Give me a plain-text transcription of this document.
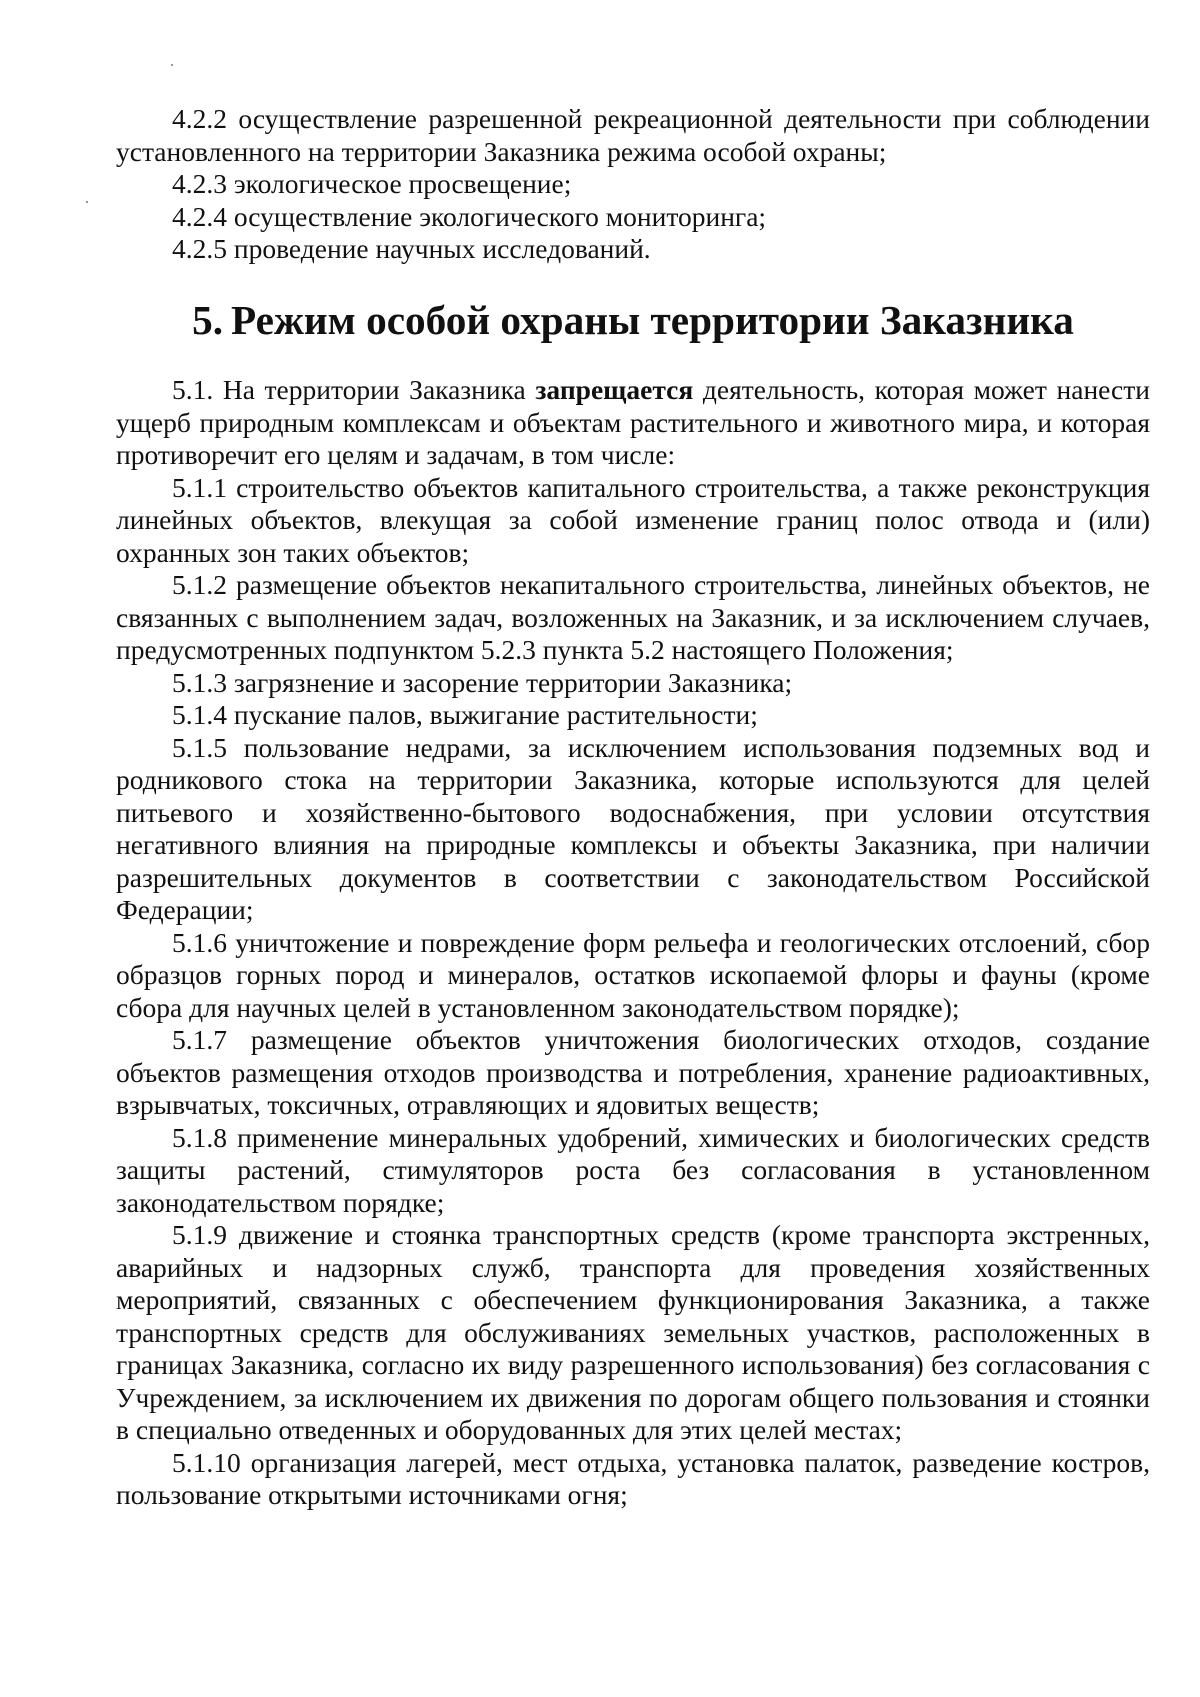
4.2.2 осуществление разрешенной рекреационной деятельности при соблюдении установленного на территории Заказника режима особой охраны;

4.2.3 экологическое просвещение;

4.2.4 осуществление экологического мониторинга;

4.2.5 проведение научных исследований.

5. Режим особой охраны территории Заказника

5.1. На территории Заказника запрещается деятельность, которая может нанести ущерб природным комплексам и объектам растительного и животного мира, и которая противоречит его целям и задачам, в том числе:

5.1.1 строительство объектов капитального строительства, а также реконструкция линейных объектов, влекущая за собой изменение границ полос отвода и (или) охранных зон таких объектов;

5.1.2 размещение объектов некапитального строительства, линейных объектов, не связанных с выполнением задач, возложенных на Заказник, и за исключением случаев, предусмотренных подпунктом 5.2.3 пункта 5.2 настоящего Положения;

5.1.3 загрязнение и засорение территории Заказника;

5.1.4 пускание палов, выжигание растительности;

5.1.5 пользование недрами, за исключением использования подземных вод и родникового стока на территории Заказника, которые используются для целей питьевого и хозяйственно-бытового водоснабжения, при условии отсутствия негативного влияния на природные комплексы и объекты Заказника, при наличии разрешительных документов в соответствии с законодательством Российской Федерации;

5.1.6 уничтожение и повреждение форм рельефа и геологических отслоений, сбор образцов горных пород и минералов, остатков ископаемой флоры и фауны (кроме сбора для научных целей в установленном законодательством порядке);

5.1.7 размещение объектов уничтожения биологических отходов, создание объектов размещения отходов производства и потребления, хранение радиоактивных, взрывчатых, токсичных, отравляющих и ядовитых веществ;

5.1.8 применение минеральных удобрений, химических и биологических средств защиты растений, стимуляторов роста без согласования в установленном законодательством порядке;

5.1.9 движение и стоянка транспортных средств (кроме транспорта экстренных, аварийных и надзорных служб, транспорта для проведения хозяйственных мероприятий, связанных с обеспечением функционирования Заказника, а также транспортных средств для обслуживаниях земельных участков, расположенных в границах Заказника, согласно их виду разрешенного использования) без согласования с Учреждением, за исключением их движения по дорогам общего пользования и стоянки в специально отведенных и оборудованных для этих целей местах;

5.1.10 организация лагерей, мест отдыха, установка палаток, разведение костров, пользование открытыми источниками огня;
